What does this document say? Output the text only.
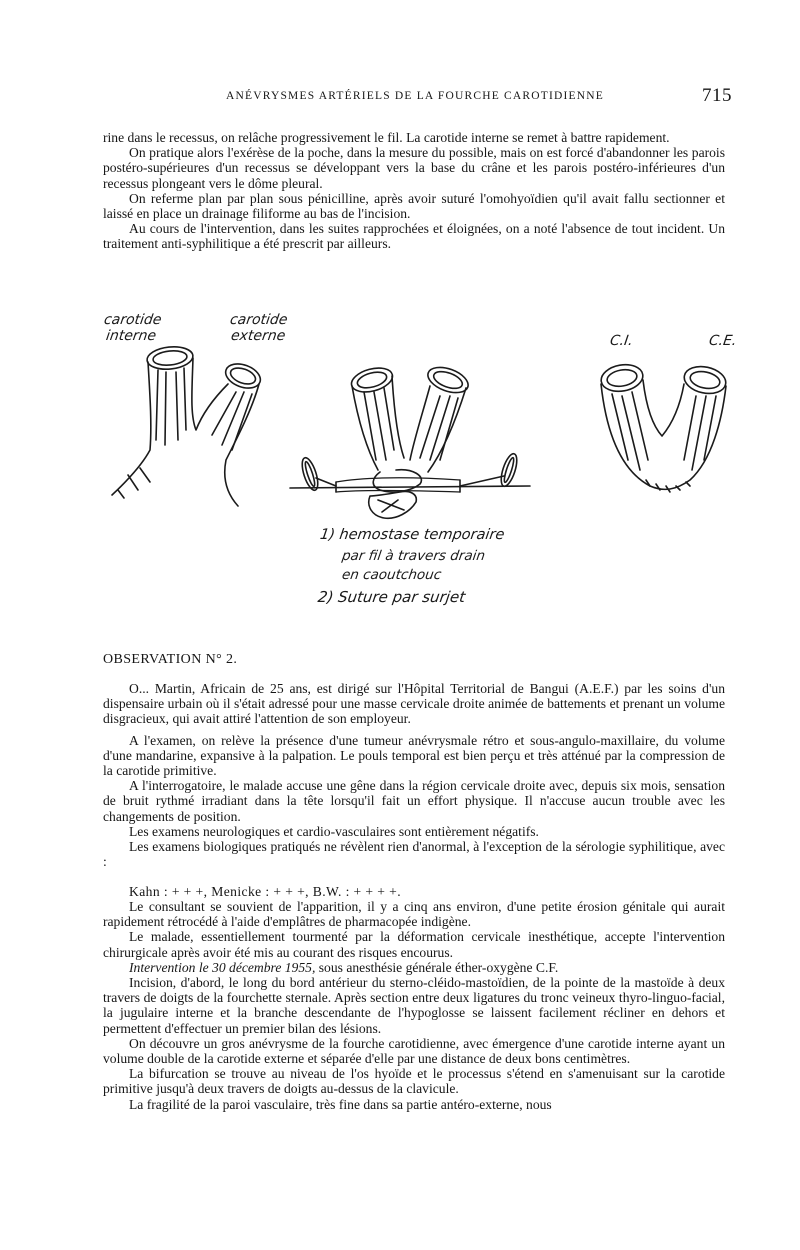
ANÉVRYSMES ARTÉRIELS DE LA FOURCHE CAROTIDIENNE	715

rine dans le recessus, on relâche progressivement le fil. La carotide interne se remet à battre rapidement.

On pratique alors l'exérèse de la poche, dans la mesure du possible, mais on est forcé d'abandonner les parois postéro-supérieures d'un recessus se développant vers la base du crâne et les parois postéro-inférieures d'un recessus plongeant vers le dôme pleural.

On referme plan par plan sous pénicilline, après avoir suturé l'omohyoïdien qu'il avait fallu sectionner et laissé en place un drainage filiforme au bas de l'incision.

Au cours de l'intervention, dans les suites rapprochées et éloignées, on a noté l'absence de tout incident. Un traitement anti-syphilitique a été prescrit par ailleurs.

carotide
interne
carotide
externe	C.I.	C.E.
1) hemostase temporaire
par fil à travers drain
en caoutchouc
2) Suture par surjet
OBSERVATION N° 2.

O... Martin, Africain de 25 ans, est dirigé sur l'Hôpital Territorial de Bangui (A.E.F.) par les soins d'un dispensaire urbain où il s'était adressé pour une masse cervicale droite animée de battements et prenant un volume disgracieux, qui avait attiré l'attention de son employeur.

A l'examen, on relève la présence d'une tumeur anévrysmale rétro et sous-angulo-maxillaire, du volume d'une mandarine, expansive à la palpation. Le pouls temporal est bien perçu et très atténué par la compression de la carotide primitive.

A l'interrogatoire, le malade accuse une gêne dans la région cervicale droite avec, depuis six mois, sensation de bruit rythmé irradiant dans la tête lorsqu'il fait un effort physique. Il n'accuse aucun trouble avec les changements de position.

Les examens neurologiques et cardio-vasculaires sont entièrement négatifs.

Les examens biologiques pratiqués ne révèlent rien d'anormal, à l'exception de la sérologie syphilitique, avec :

Kahn : + + +, Menicke : + + +, B.W. : + + + +.

Le consultant se souvient de l'apparition, il y a cinq ans environ, d'une petite érosion génitale qui aurait rapidement rétrocédé à l'aide d'emplâtres de pharmacopée indigène.

Le malade, essentiellement tourmenté par la déformation cervicale inesthétique, accepte l'intervention chirurgicale après avoir été mis au courant des risques encourus.

Intervention le 30 décembre 1955, sous anesthésie générale éther-oxygène C.F.

Incision, d'abord, le long du bord antérieur du sterno-cléido-mastoïdien, de la pointe de la mastoïde à deux travers de doigts de la fourchette sternale. Après section entre deux ligatures du tronc veineux thyro-linguo-facial, la jugulaire interne et la branche descendante de l'hypoglosse se laissent facilement récliner en dehors et permettent d'effectuer un premier bilan des lésions.

On découvre un gros anévrysme de la fourche carotidienne, avec émergence d'une carotide interne ayant un volume double de la carotide externe et séparée d'elle par une distance de deux bons centimètres.

La bifurcation se trouve au niveau de l'os hyoïde et le processus s'étend en s'amenuisant sur la carotide primitive jusqu'à deux travers de doigts au-dessus de la clavicule.

La fragilité de la paroi vasculaire, très fine dans sa partie antéro-externe, nous
